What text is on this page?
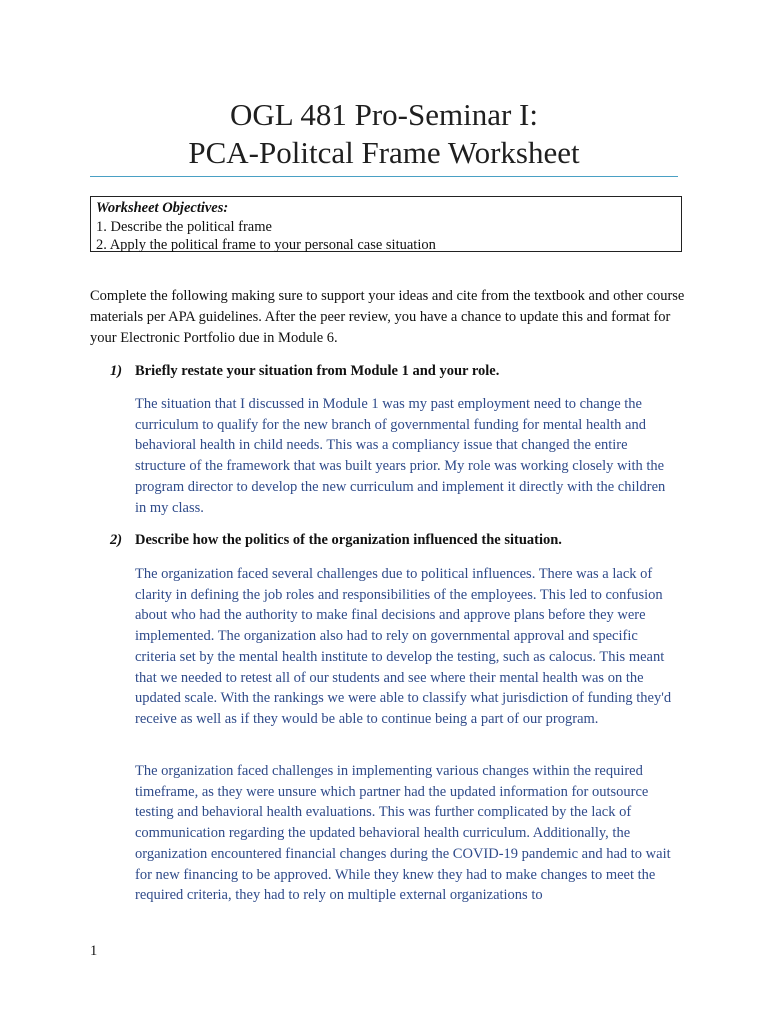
OGL 481 Pro-Seminar I:
PCA-Politcal Frame Worksheet
Worksheet Objectives:
1. Describe the political frame
2. Apply the political frame to your personal case situation
Complete the following making sure to support your ideas and cite from the textbook and other course materials per APA guidelines. After the peer review, you have a chance to update this and format for your Electronic Portfolio due in Module 6.
1) Briefly restate your situation from Module 1 and your role.
The situation that I discussed in Module 1 was my past employment need to change the curriculum to qualify for the new branch of governmental funding for mental health and behavioral health in child needs. This was a compliancy issue that changed the entire structure of the framework that was built years prior. My role was working closely with the program director to develop the new curriculum and implement it directly with the children in my class.
2) Describe how the politics of the organization influenced the situation.
The organization faced several challenges due to political influences. There was a lack of clarity in defining the job roles and responsibilities of the employees. This led to confusion about who had the authority to make final decisions and approve plans before they were implemented. The organization also had to rely on governmental approval and specific criteria set by the mental health institute to develop the testing, such as calocus. This meant that we needed to retest all of our students and see where their mental health was on the updated scale. With the rankings we were able to classify what jurisdiction of funding they'd receive as well as if they would be able to continue being a part of our program.
The organization faced challenges in implementing various changes within the required timeframe, as they were unsure which partner had the updated information for outsource testing and behavioral health evaluations. This was further complicated by the lack of communication regarding the updated behavioral health curriculum. Additionally, the organization encountered financial changes during the COVID-19 pandemic and had to wait for new financing to be approved. While they knew they had to make changes to meet the required criteria, they had to rely on multiple external organizations to
1
